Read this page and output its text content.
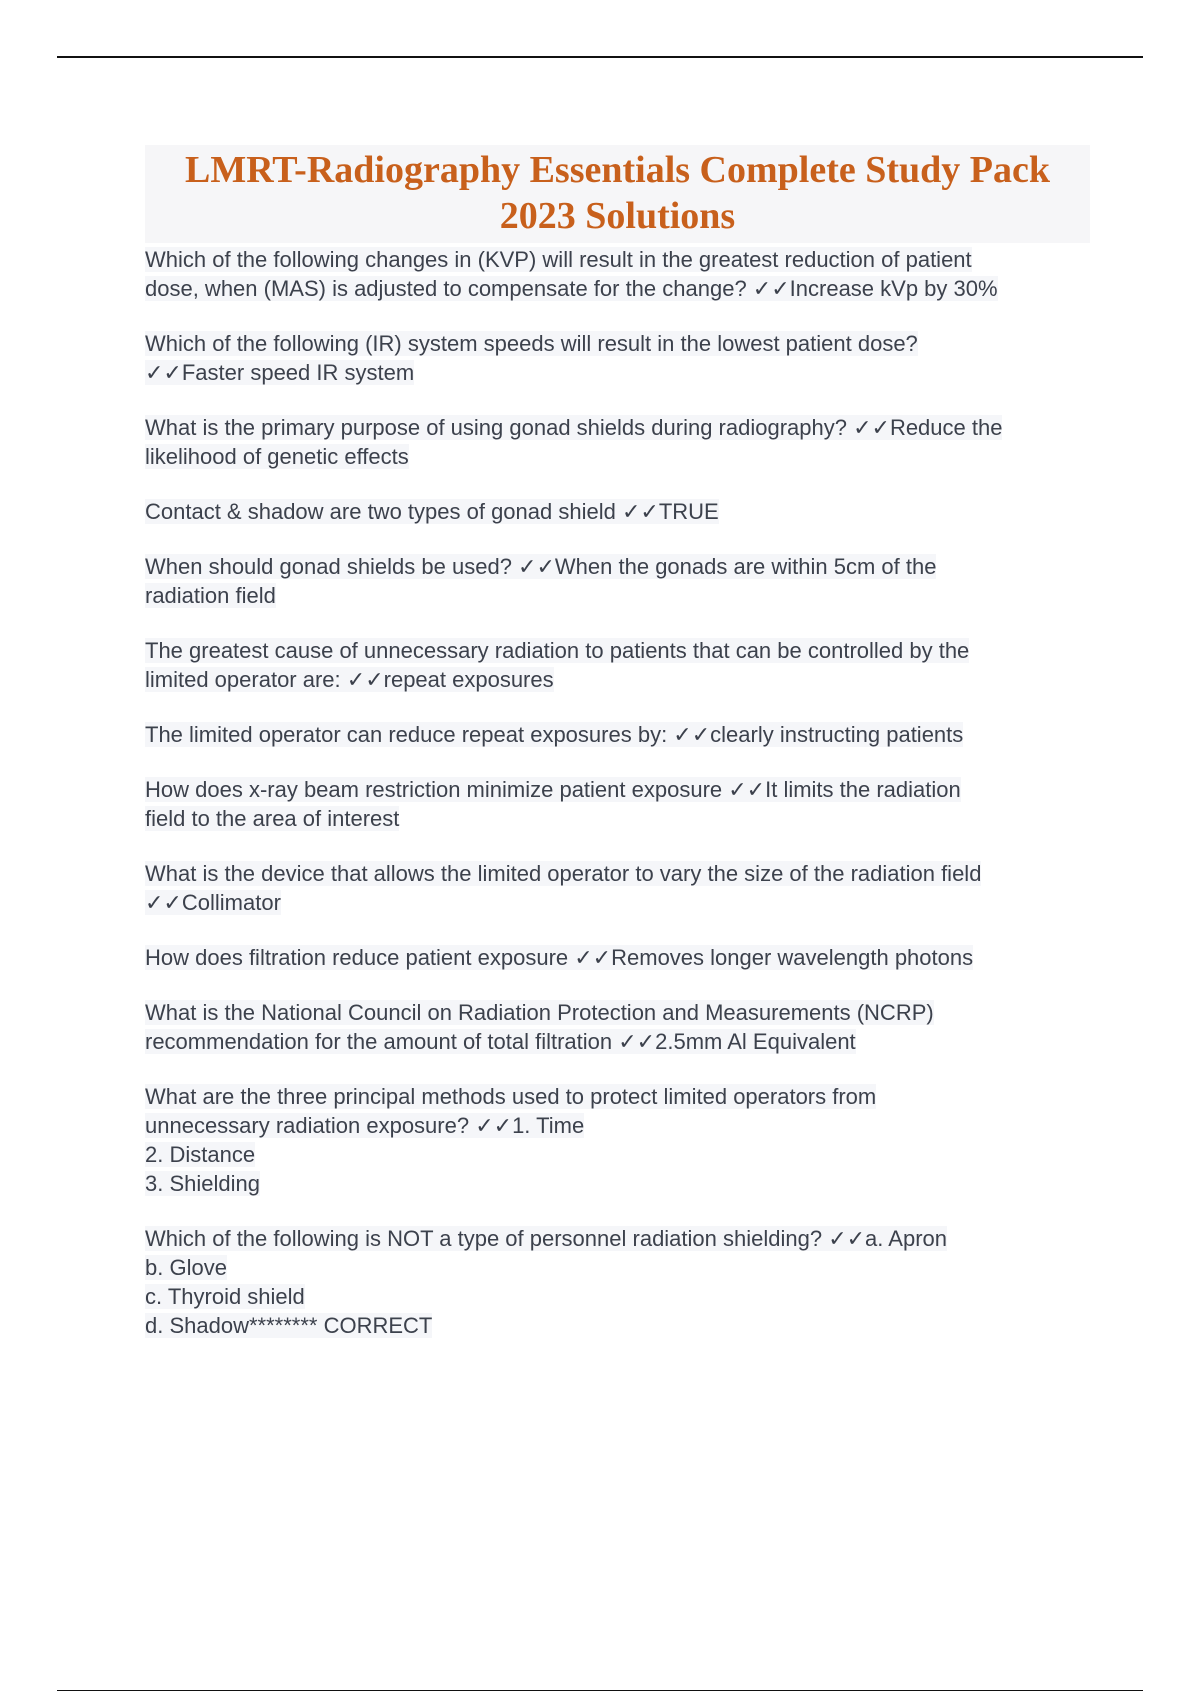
LMRT-Radiography Essentials Complete Study Pack
2023 Solutions
Which of the following changes in (KVP) will result in the greatest reduction of patient
dose, when (MAS) is adjusted to compensate for the change? ✓✓Increase kVp by 30%
Which of the following (IR) system speeds will result in the lowest patient dose?
✓✓Faster speed IR system
What is the primary purpose of using gonad shields during radiography? ✓✓Reduce the
likelihood of genetic effects
Contact & shadow are two types of gonad shield ✓✓TRUE
When should gonad shields be used? ✓✓When the gonads are within 5cm of the
radiation field
The greatest cause of unnecessary radiation to patients that can be controlled by the
limited operator are: ✓✓repeat exposures
The limited operator can reduce repeat exposures by: ✓✓clearly instructing patients
How does x-ray beam restriction minimize patient exposure ✓✓It limits the radiation
field to the area of interest
What is the device that allows the limited operator to vary the size of the radiation field
✓✓Collimator
How does filtration reduce patient exposure ✓✓Removes longer wavelength photons
What is the National Council on Radiation Protection and Measurements (NCRP)
recommendation for the amount of total filtration ✓✓2.5mm Al Equivalent
What are the three principal methods used to protect limited operators from
unnecessary radiation exposure? ✓✓1. Time
2. Distance
3. Shielding
Which of the following is NOT a type of personnel radiation shielding? ✓✓a. Apron
b. Glove
c. Thyroid shield
d. Shadow******** CORRECT
